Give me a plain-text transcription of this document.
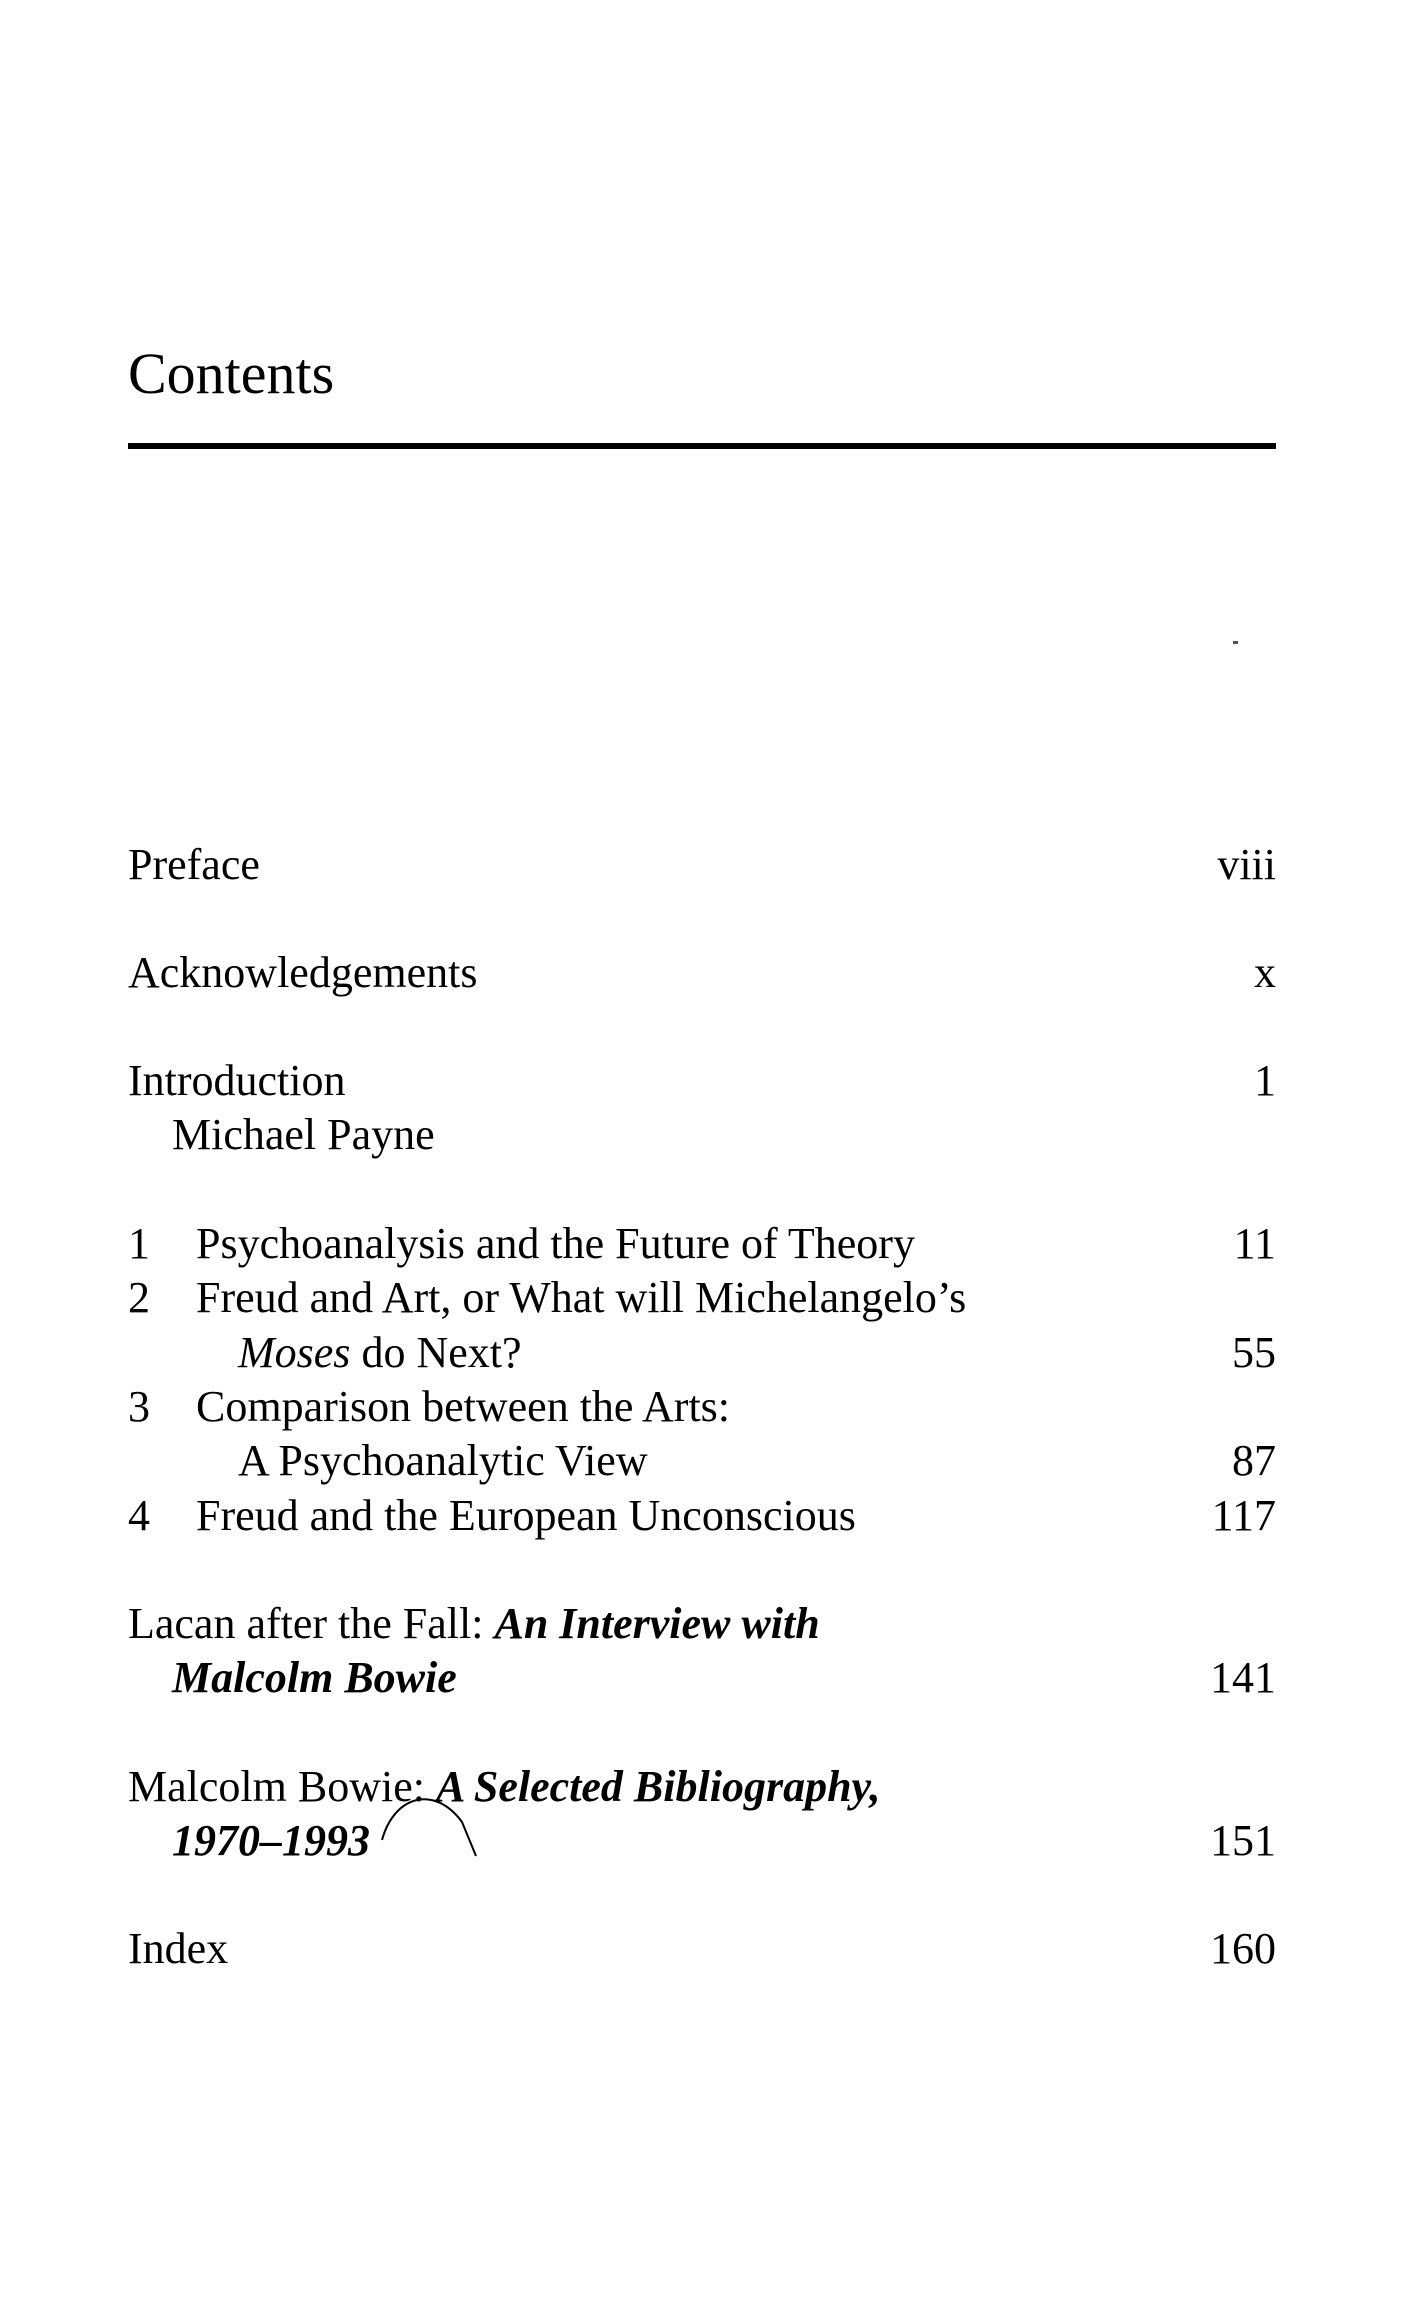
Contents
Preface	viii
Acknowledgements	x
Introduction	1
Michael Payne
1 Psychoanalysis and the Future of Theory	11
2 Freud and Art, or What will Michelangelo’s
Moses do Next?	55
3 Comparison between the Arts:
A Psychoanalytic View	87
4 Freud and the European Unconscious	117
Lacan after the Fall: An Interview with
Malcolm Bowie	141
Malcolm Bowie: A Selected Bibliography,
1970–1993	151
Index	160
